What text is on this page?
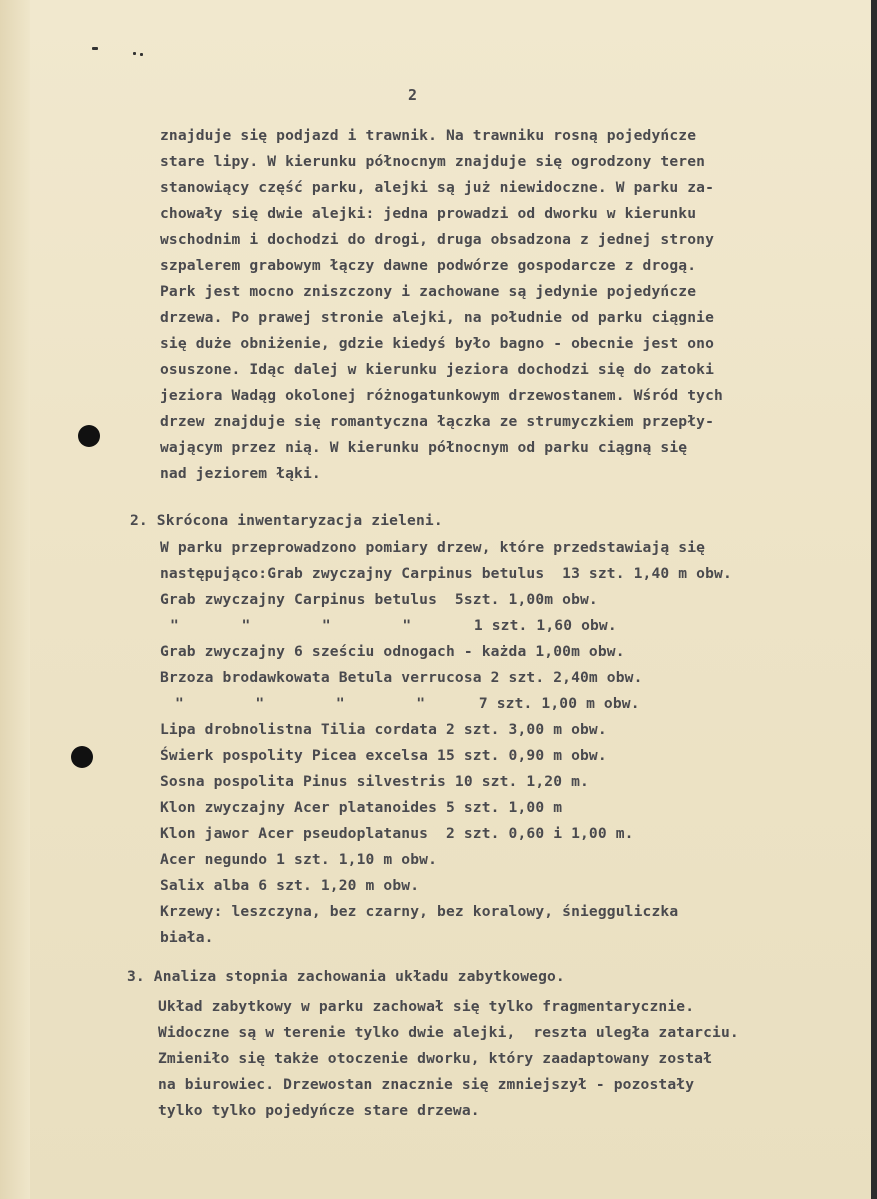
2
znajduje się podjazd i trawnik. Na trawniku rosną pojedyńcze
stare lipy. W kierunku północnym znajduje się ogrodzony teren
stanowiący część parku, alejki są już niewidoczne. W parku za-
chowały się dwie alejki: jedna prowadzi od dworku w kierunku
wschodnim i dochodzi do drogi, druga obsadzona z jednej strony
szpalerem grabowym łączy dawne podwórze gospodarcze z drogą.
Park jest mocno zniszczony i zachowane są jedynie pojedyńcze
drzewa. Po prawej stronie alejki, na południe od parku ciągnie
się duże obniżenie, gdzie kiedyś było bagno - obecnie jest ono
osuszone. Idąc dalej w kierunku jeziora dochodzi się do zatoki
jeziora Wadąg okolonej różnogatunkowym drzewostanem. Wśród tych
drzew znajduje się romantyczna łączka ze strumyczkiem przepły-
wającym przez nią. W kierunku północnym od parku ciągną się
nad jeziorem łąki.
2. Skrócona inwentaryzacja zieleni.
W parku przeprowadzono pomiary drzew, które przedstawiają się
następująco:Grab zwyczajny Carpinus betulus  13 szt. 1,40 m obw.
Grab zwyczajny Carpinus betulus  5szt. 1,00m obw.
"       "        "        "       1 szt. 1,60 obw.
Grab zwyczajny 6 sześciu odnogach - każda 1,00m obw.
Brzoza brodawkowata Betula verrucosa 2 szt. 2,40m obw.
"        "        "        "      7 szt. 1,00 m obw.
Lipa drobnolistna Tilia cordata 2 szt. 3,00 m obw.
Świerk pospolity Picea excelsa 15 szt. 0,90 m obw.
Sosna pospolita Pinus silvestris 10 szt. 1,20 m.
Klon zwyczajny Acer platanoides 5 szt. 1,00 m
Klon jawor Acer pseudoplatanus  2 szt. 0,60 i 1,00 m.
Acer negundo 1 szt. 1,10 m obw.
Salix alba 6 szt. 1,20 m obw.
Krzewy: leszczyna, bez czarny, bez koralowy, śniegguliczka
biała.
3. Analiza stopnia zachowania układu zabytkowego.
Układ zabytkowy w parku zachował się tylko fragmentarycznie.
Widoczne są w terenie tylko dwie alejki,  reszta uległa zatarciu.
Zmieniło się także otoczenie dworku, który zaadaptowany został
na biurowiec. Drzewostan znacznie się zmniejszył - pozostały
tylko tylko pojedyńcze stare drzewa.
